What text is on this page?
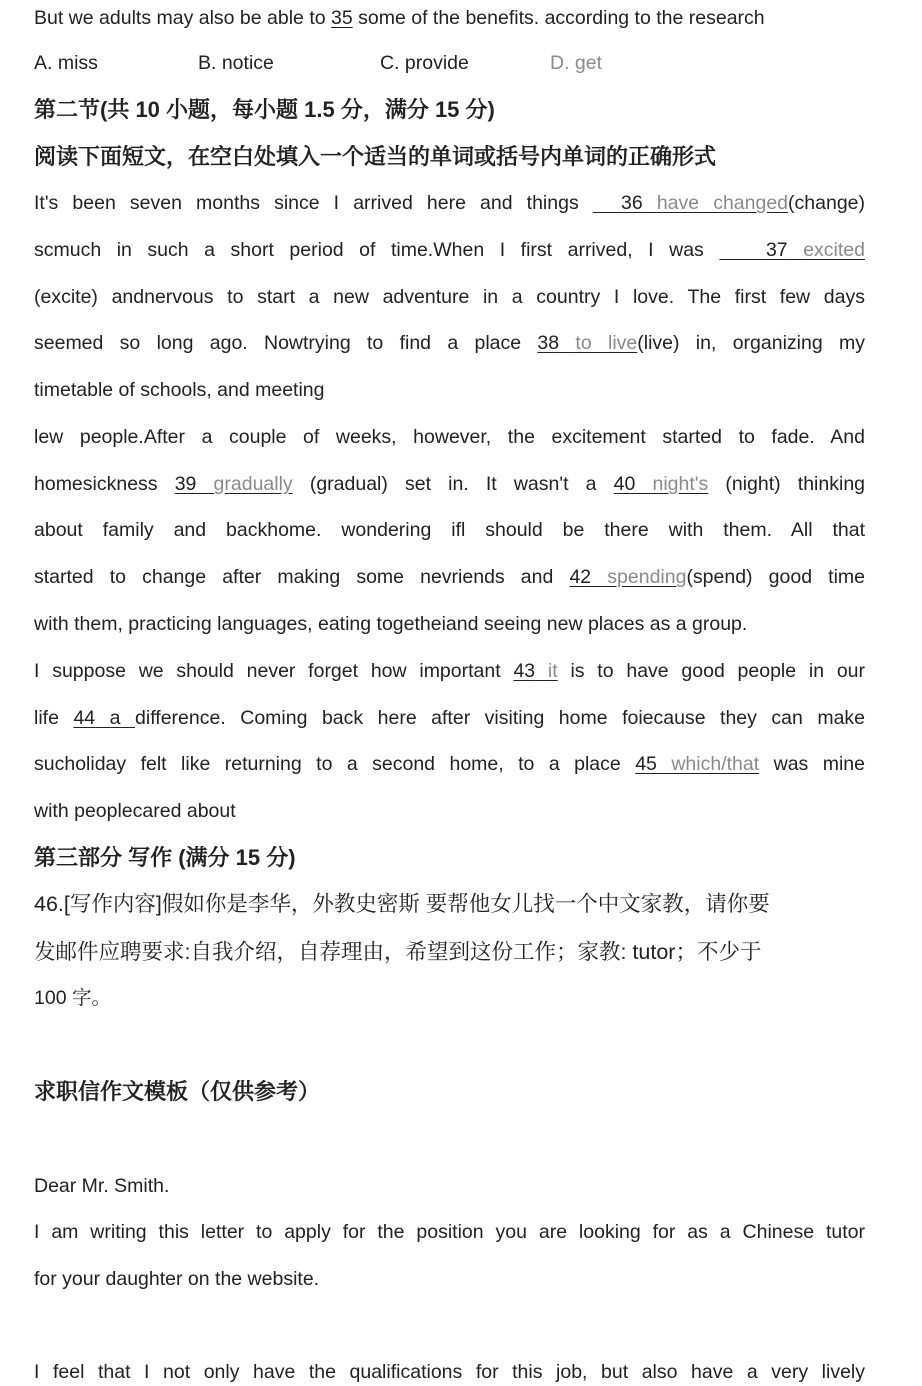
But we adults may also be able to 35 some of the benefits. according to the research
A. miss	B. notice	C. provide	D. get
第二节(共 10 小题，每小题 1.5 分，满分 15 分)
阅读下面短文，在空白处填入一个适当的单词或括号内单词的正确形式
It's been seven months since I arrived here and things 36 have changed(change)
scmuch in such a short period of time.When I first arrived, I was	37 excited
(excite) andnervous to start a new adventure in a country I love. The first few days
seemed so long ago. Nowtrying to find a place 38 to live(live) in, organizing my
timetable of schools, and meeting
lew people.After a couple of weeks, however, the excitement started to fade. And
homesickness 39 gradually (gradual) set in. It wasn't a 40 night's (night) thinking
about family and backhome. wondering ifl should be there with them. All that
started to change after making some nevriends and 42 spending(spend) good time
with them, practicing languages, eating togetheiand seeing new places as a group.
I suppose we should never forget how important 43 it is to have good people in our
life 44 a difference. Coming back here after visiting home foiecause they can make
sucholiday felt like returning to a second home, to a place 45 which/that was mine
with peoplecared about
第三部分 写作 (满分 15 分)
46.[写作内容]假如你是李华，外教史密斯 要帮他女儿找一个中文家教，请你要
发邮件应聘要求:自我介绍，自荐理由，希望到这份工作；家教: tutor；不少于
100 字。
求职信作文模板（仅供参考）
Dear Mr. Smith.
I am writing this letter to apply for the position you are looking for as a Chinese tutor
for your daughter on the website.
I feel that I not only have the qualifications for this job, but also have a very lively
